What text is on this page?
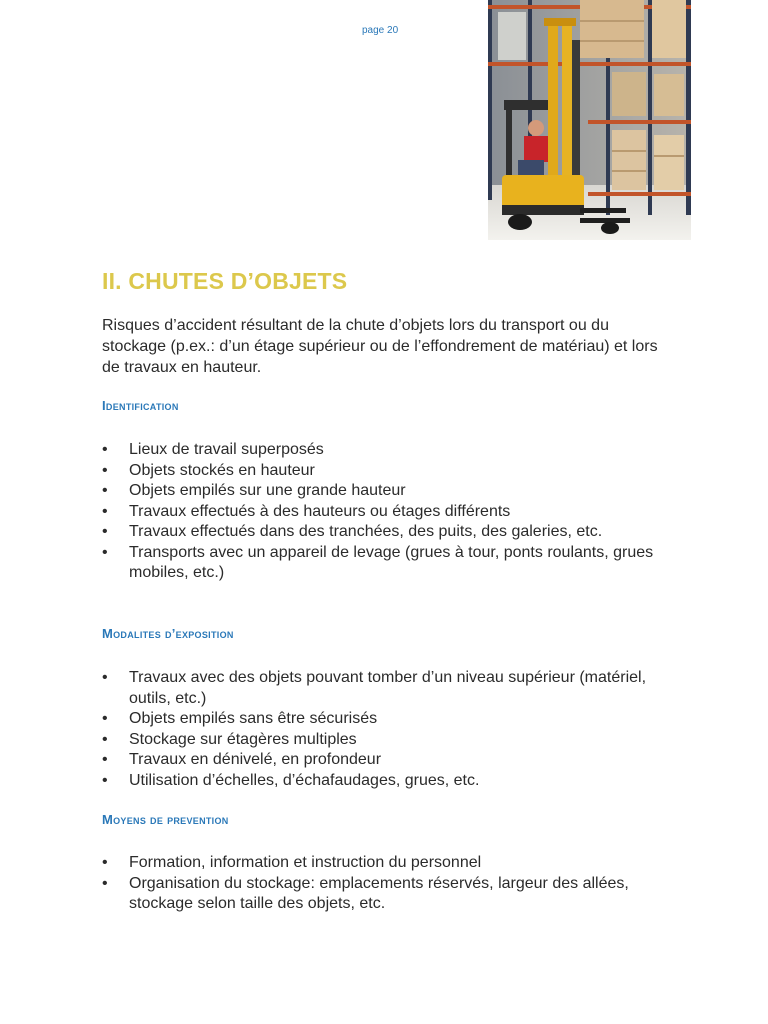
page 20
II. CHUTES D’OBJETS

Risques d’accident résultant de la chute d’objets lors du transport ou du stockage (p.ex.: d’un étage supérieur ou de l’effondrement de matériau) et lors de travaux en hauteur.

Identification
• Lieux de travail superposés
• Objets stockés en hauteur
• Objets empilés sur une grande hauteur
• Travaux effectués à des hauteurs ou étages différents
• Travaux effectués dans des tranchées, des puits, des galeries, etc.
• Transports avec un appareil de levage (grues à tour, ponts roulants, grues mobiles, etc.)
Modalites d’exposition
• Travaux avec des objets pouvant tomber d’un niveau supérieur (matériel, outils, etc.)
• Objets empilés sans être sécurisés
• Stockage sur étagères multiples
• Travaux en dénivelé, en profondeur
• Utilisation d’échelles, d’échafaudages, grues, etc.
Moyens de prevention
• Formation, information et instruction du personnel
• Organisation du stockage: emplacements réservés, largeur des allées, stockage selon taille des objets, etc.
